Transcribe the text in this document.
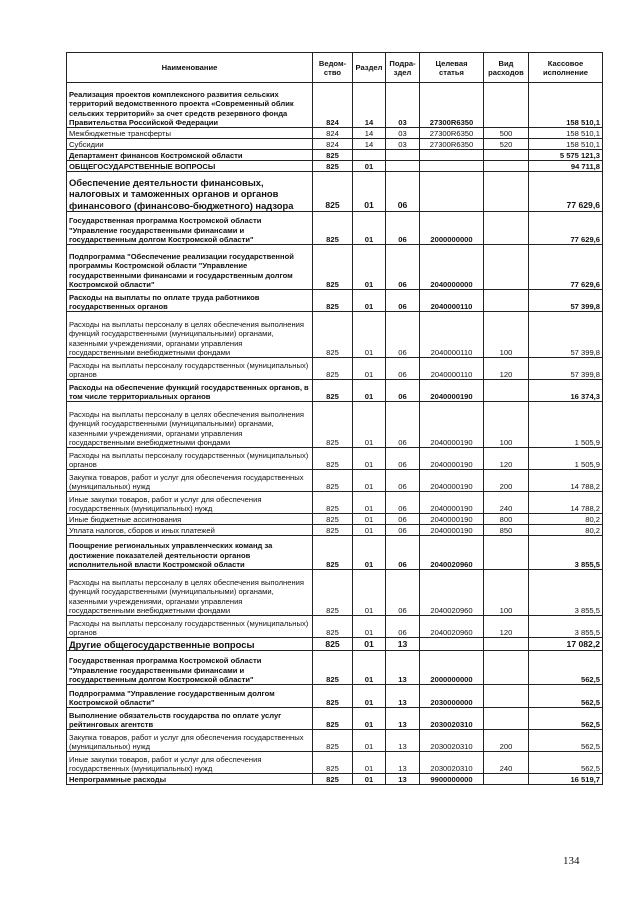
Наименование	Ведом-ство	Раздел	Подра-здел	Целевая статья	Вид расходов	Кассовое исполнение
Реализация проектов комплексного развития сельских территорий ведомственного проекта «Современный облик сельских территорий» за счет средств резервного фонда Правительства Российской Федерации	824	14	03	27300R6350		158 510,1
Межбюджетные трансферты	824	14	03	27300R6350	500	158 510,1
Субсидии	824	14	03	27300R6350	520	158 510,1
Департамент финансов Костромской области	825					5 575 121,3
ОБЩЕГОСУДАРСТВЕННЫЕ ВОПРОСЫ	825	01				94 711,8
Обеспечение деятельности финансовых, налоговых и таможенных органов и органов финансового (финансово-бюджетного) надзора	825	01	06			77 629,6
Государственная программа Костромской области "Управление государственными финансами и государственным долгом Костромской области"	825	01	06	2000000000		77 629,6
Подпрограмма "Обеспечение реализации государственной программы Костромской области "Управление государственными финансами и государственным долгом Костромской области"	825	01	06	2040000000		77 629,6
Расходы на выплаты по оплате труда работников государственных органов	825	01	06	2040000110		57 399,8
Расходы на выплаты персоналу в целях обеспечения выполнения функций государственными (муниципальными) органами, казенными учреждениями, органами управления государственными внебюджетными фондами	825	01	06	2040000110	100	57 399,8
Расходы на выплаты персоналу государственных (муниципальных) органов	825	01	06	2040000110	120	57 399,8
Расходы на обеспечение функций государственных органов, в том числе территориальных органов	825	01	06	2040000190		16 374,3
Расходы на выплаты персоналу в целях обеспечения выполнения функций государственными (муниципальными) органами, казенными учреждениями, органами управления государственными внебюджетными фондами	825	01	06	2040000190	100	1 505,9
Расходы на выплаты персоналу государственных (муниципальных) органов	825	01	06	2040000190	120	1 505,9
Закупка товаров, работ и услуг для обеспечения государственных (муниципальных) нужд	825	01	06	2040000190	200	14 788,2
Иные закупки товаров, работ и услуг для обеспечения государственных (муниципальных) нужд	825	01	06	2040000190	240	14 788,2
Иные бюджетные ассигнования	825	01	06	2040000190	800	80,2
Уплата налогов, сборов и иных платежей	825	01	06	2040000190	850	80,2
Поощрение региональных управленческих команд за достижение показателей деятельности органов исполнительной власти Костромской области	825	01	06	2040020960		3 855,5
Расходы на выплаты персоналу в целях обеспечения выполнения функций государственными (муниципальными) органами, казенными учреждениями, органами управления государственными внебюджетными фондами	825	01	06	2040020960	100	3 855,5
Расходы на выплаты персоналу государственных (муниципальных) органов	825	01	06	2040020960	120	3 855,5
Другие общегосударственные вопросы	825	01	13			17 082,2
Государственная программа Костромской области "Управление государственными финансами и государственным долгом Костромской области"	825	01	13	2000000000		562,5
Подпрограмма "Управление государственным долгом Костромской области"	825	01	13	2030000000		562,5
Выполнение обязательств государства по оплате услуг рейтинговых агентств	825	01	13	2030020310		562,5
Закупка товаров, работ и услуг для обеспечения государственных (муниципальных) нужд	825	01	13	2030020310	200	562,5
Иные закупки товаров, работ и услуг для обеспечения государственных (муниципальных) нужд	825	01	13	2030020310	240	562,5
Непрограммные расходы	825	01	13	9900000000		16 519,7
134
